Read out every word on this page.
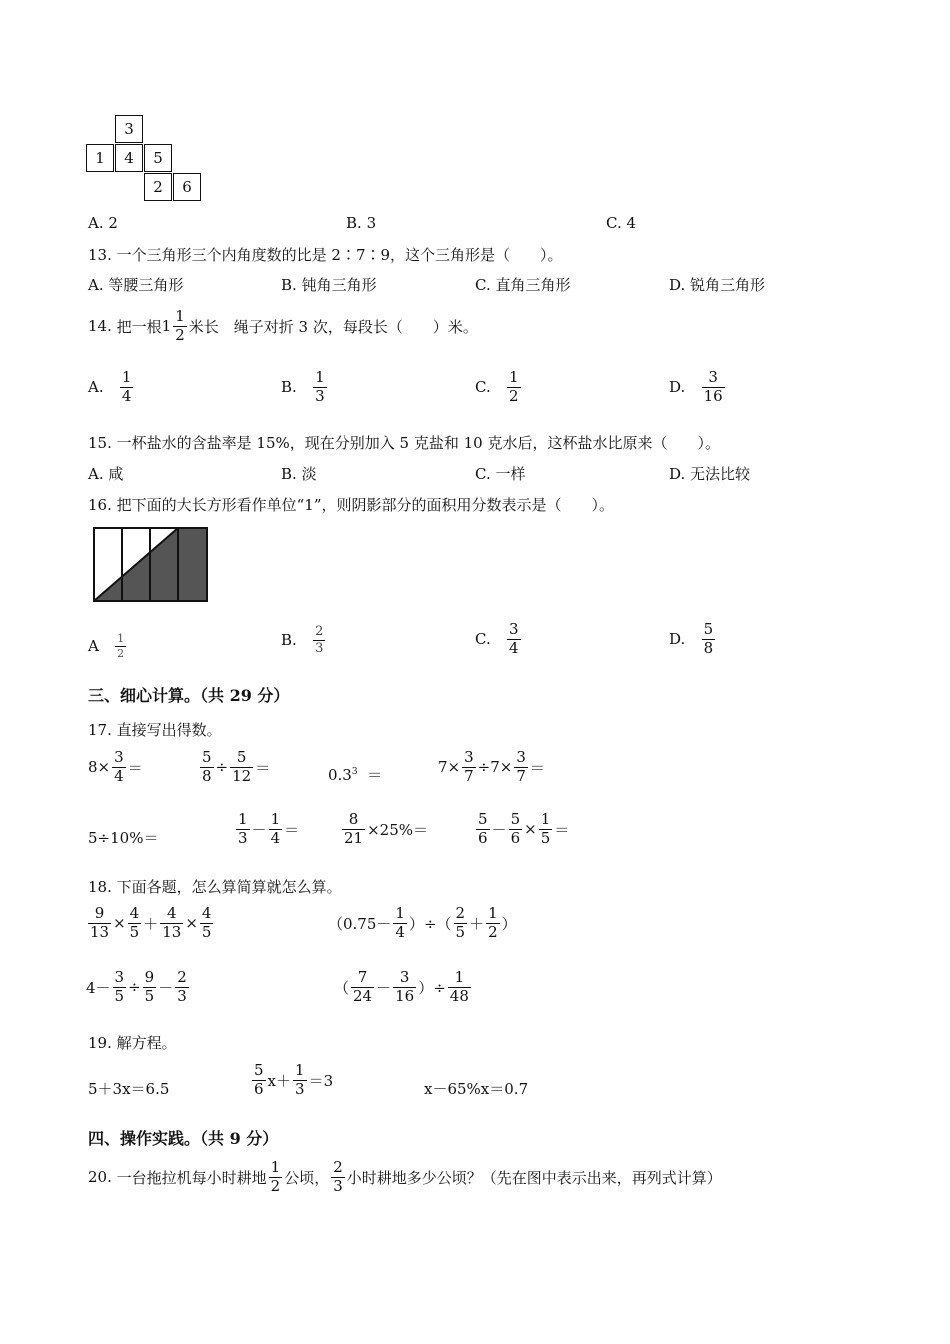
3
1	4	5
2	6
A. 2	B. 3	C. 4
13. 一个三角形三个内角度数的比是 2∶7∶9，这个三角形是（　　）。
A. 等腰三角形	B. 钝角三角形	C. 直角三角形	D. 锐角三角形
14.
把一根 $1 \frac{1}{2}$ 米长　绳子对折 3 次，每段长（　　）米。
A.
$\frac{1}{4}$	B.
$\frac{1}{3}$	C.
$\frac{1}{2}$	D.
$\frac{3}{16}$
15. 一杯盐水的含盐率是 15%，现在分别加入 5 克盐和 10 克水后，这杯盐水比原来（　　）。
A. 咸	B. 淡	C. 一样	D. 无法比较
16. 把下面的大长方形看作单位“1”，则阴影部分的面积用分数表示是（　　）。
A
$\frac{1}{2}$	B.
$\frac{2}{3}$	C.
$\frac{3}{4}$	D.
$\frac{5}{8}$
三、细心计算。（共 29 分）
17. 直接写出得数。
$8\times \frac{3}{4}$ ＝	$\frac{5}{8} \div \frac{5}{12}$ ＝	$0.3^3$ ＝	$7\times \frac{3}{7} \div 7\times \frac{3}{7}$ ＝
5÷10%＝	$\frac{1}{3} - \frac{1}{4}$ ＝	$\frac{8}{21} \times 25\%=$	$\frac{5}{6} - \frac{5}{6} \times \frac{1}{5}$ ＝
18. 下面各题，怎么算简算就怎么算。
$\frac{9}{13} \times \frac{4}{5} + \frac{4}{13} \times \frac{4}{5}$	（$0.75- \frac{1}{4}$ ）÷（ $\frac{2}{5} + \frac{1}{2}$ ）
$4- \frac{3}{5} \div \frac{9}{5} - \frac{2}{3}$	（ $\frac{7}{24} - \frac{3}{16}$ ）÷ $\frac{1}{48}$
19. 解方程。
5＋3x＝6.5	$\frac{5}{6} x+ \frac{1}{3} =3$	x－65%x＝0.7
四、操作实践。（共 9 分）
20.
一台拖拉机每小时耕地 $\frac{1}{2}$ 公顷， $\frac{2}{3}$ 小时耕地多少公顷？（先在图中表示出来，再列式计算）
